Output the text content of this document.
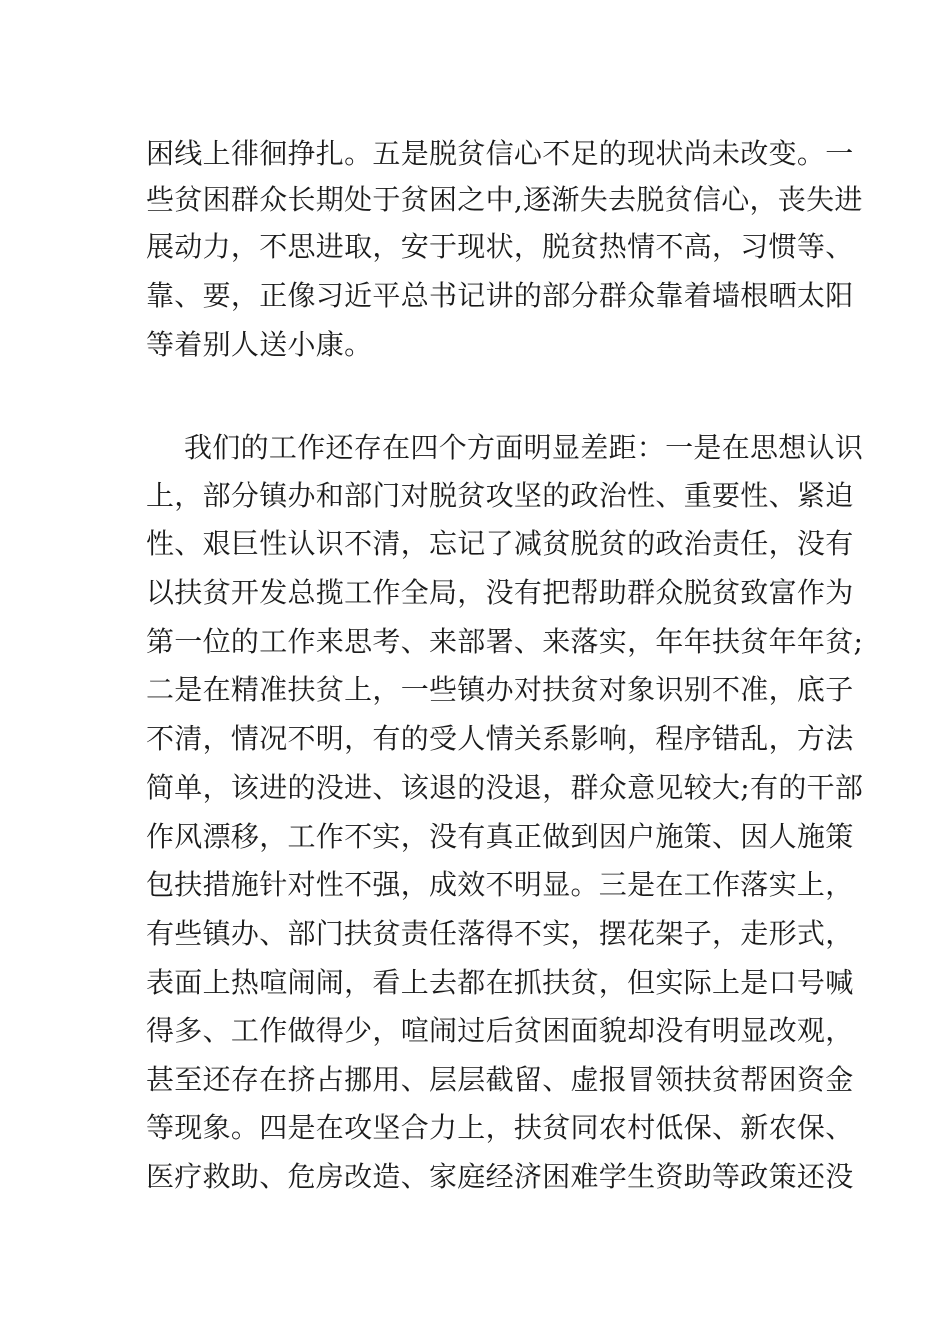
困线上徘徊挣扎。五是脱贫信心不足的现状尚未改变。一
些贫困群众长期处于贫困之中,逐渐失去脱贫信心，丧失进
展动力，不思进取，安于现状，脱贫热情不高，习惯等、
靠、要，正像习近平总书记讲的部分群众靠着墙根晒太阳
等着别人送小康。
我们的工作还存在四个方面明显差距：一是在思想认识
上，部分镇办和部门对脱贫攻坚的政治性、重要性、紧迫
性、艰巨性认识不清，忘记了减贫脱贫的政治责任，没有
以扶贫开发总揽工作全局，没有把帮助群众脱贫致富作为
第一位的工作来思考、来部署、来落实，年年扶贫年年贫;
二是在精准扶贫上，一些镇办对扶贫对象识别不准，底子
不清，情况不明，有的受人情关系影响，程序错乱，方法
简单，该进的没进、该退的没退，群众意见较大;有的干部
作风漂移，工作不实，没有真正做到因户施策、因人施策
包扶措施针对性不强，成效不明显。三是在工作落实上，
有些镇办、部门扶贫责任落得不实，摆花架子，走形式，
表面上热喧闹闹，看上去都在抓扶贫，但实际上是口号喊
得多、工作做得少，喧闹过后贫困面貌却没有明显改观，
甚至还存在挤占挪用、层层截留、虚报冒领扶贫帮困资金
等现象。四是在攻坚合力上，扶贫同农村低保、新农保、
医疗救助、危房改造、家庭经济困难学生资助等政策还没
